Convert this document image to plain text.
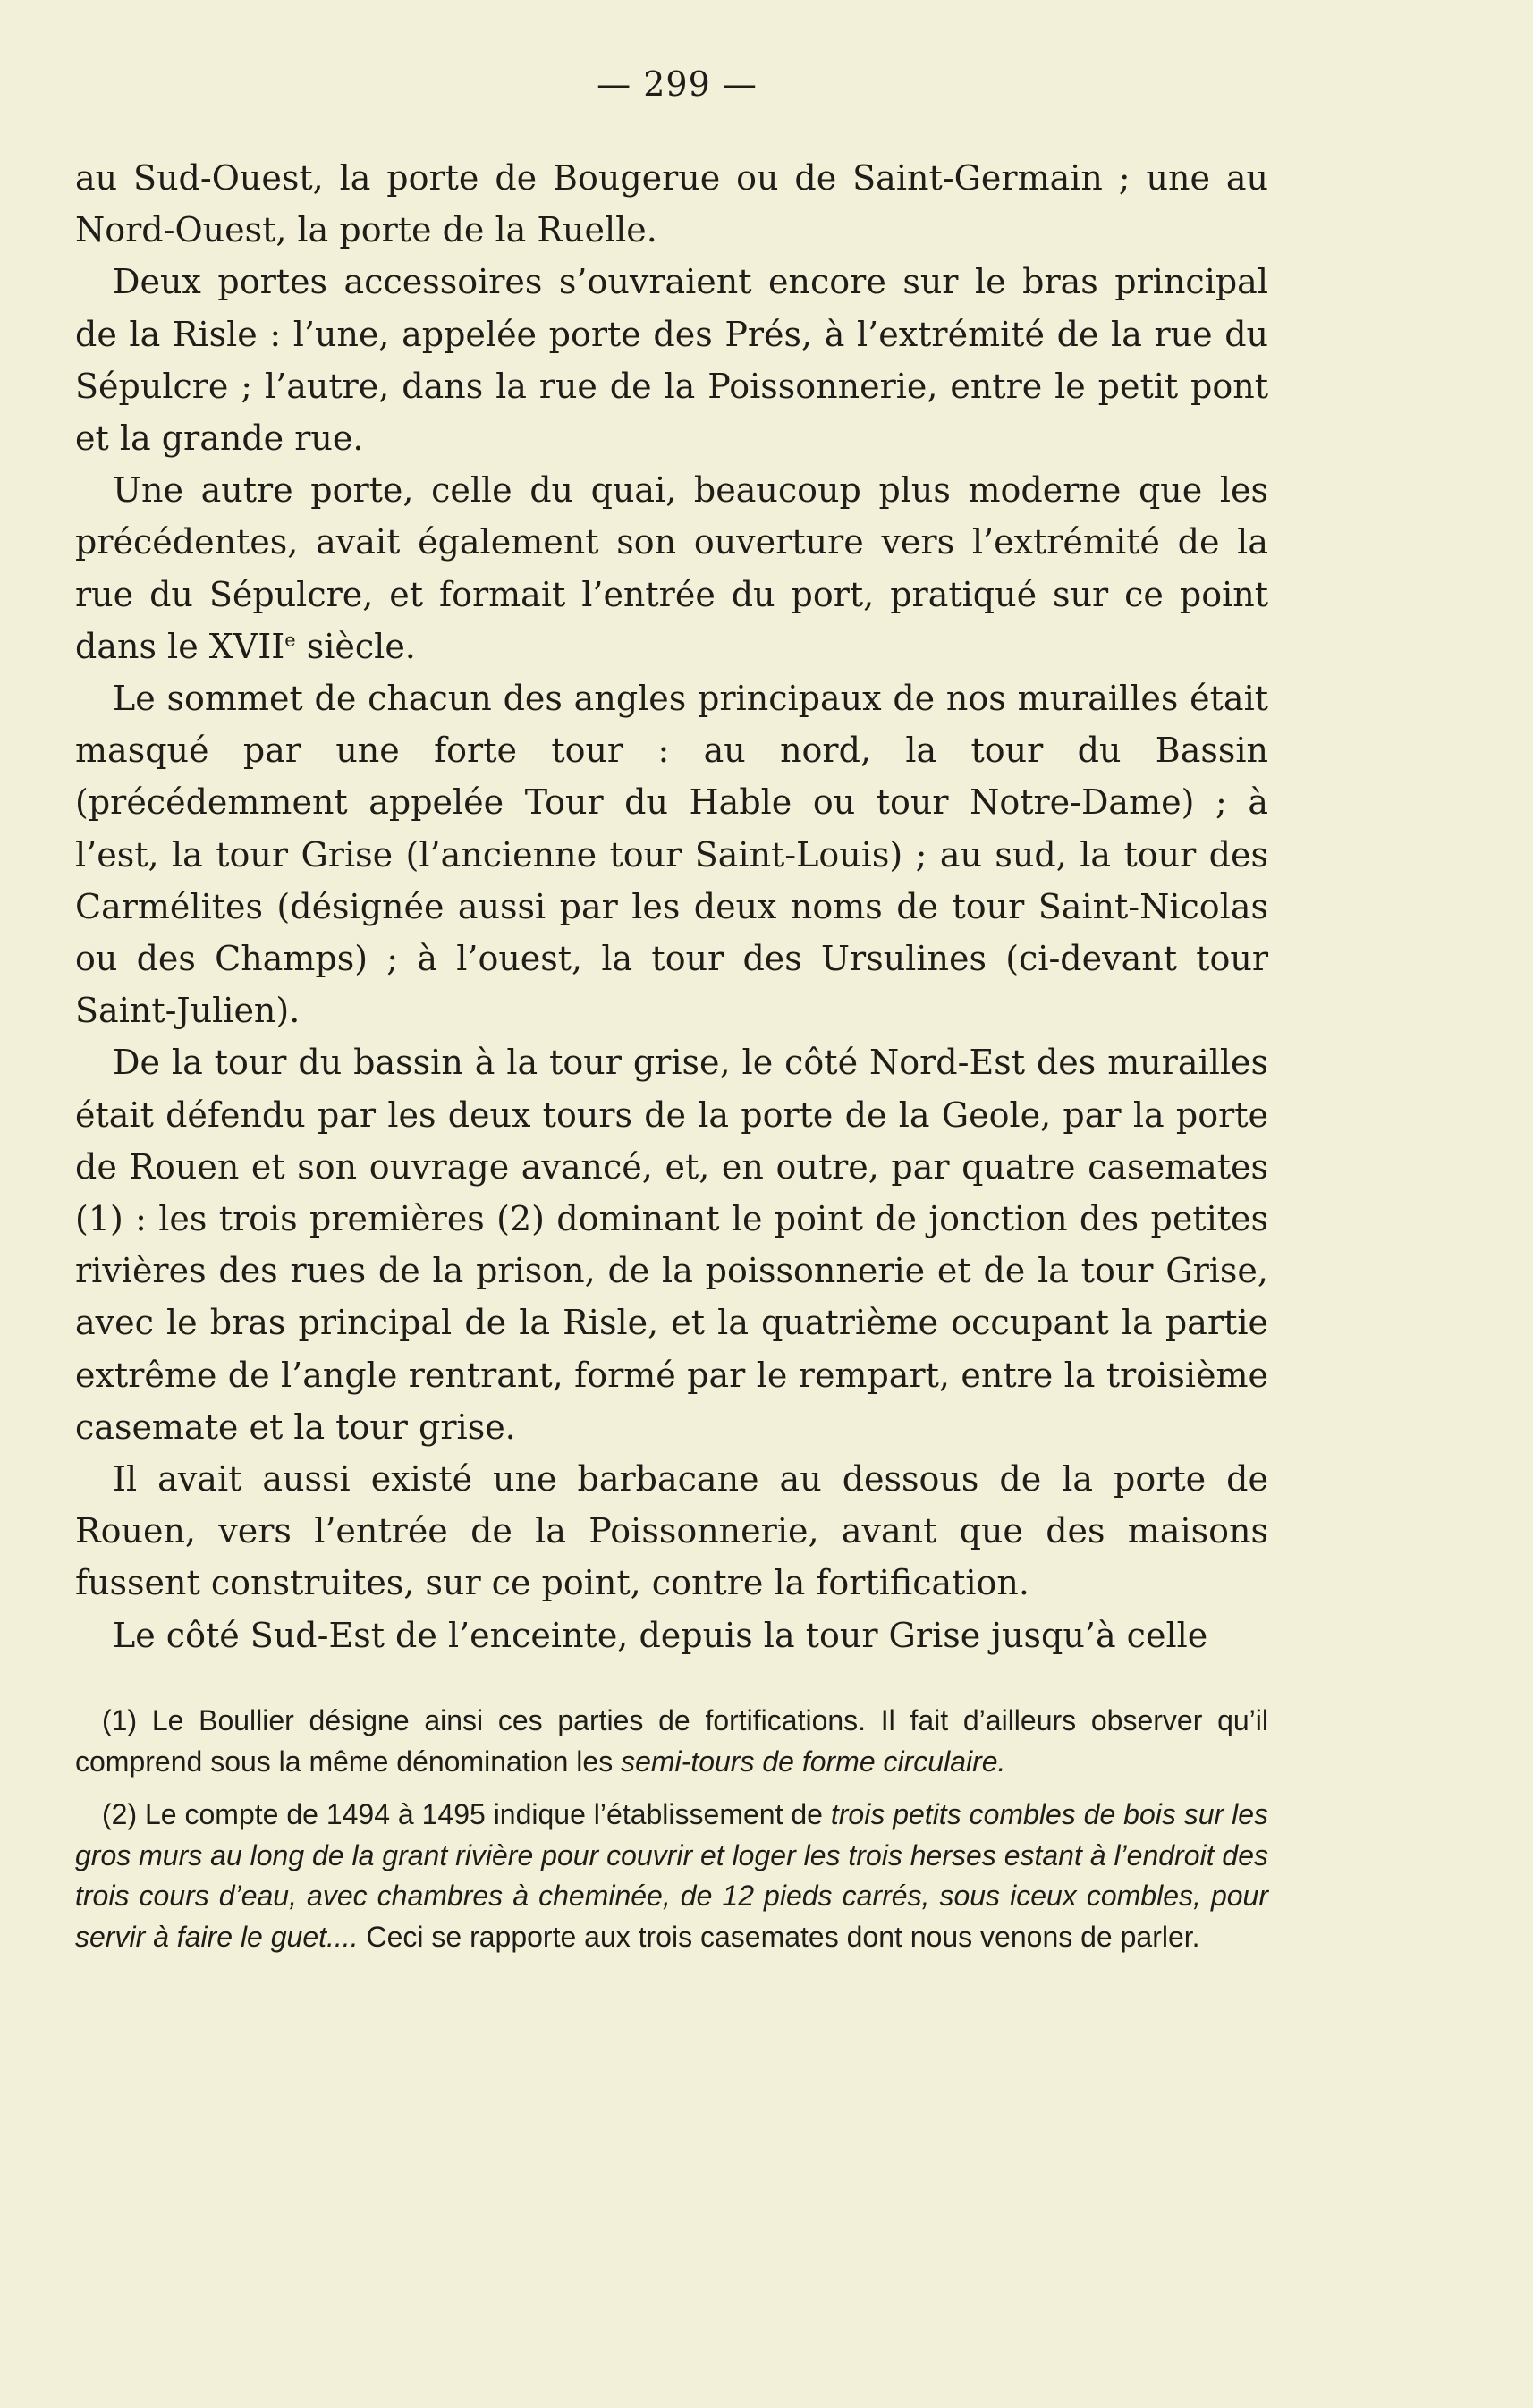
— 299 —

au Sud-Ouest, la porte de Bougerue ou de Saint-Germain ; une au Nord-Ouest, la porte de la Ruelle.

Deux portes accessoires s’ouvraient encore sur le bras principal de la Risle : l’une, appelée porte des Prés, à l’extrémité de la rue du Sépulcre ; l’autre, dans la rue de la Poissonnerie, entre le petit pont et la grande rue.

Une autre porte, celle du quai, beaucoup plus moderne que les précédentes, avait également son ouverture vers l’extrémité de la rue du Sépulcre, et formait l’entrée du port, pratiqué sur ce point dans le XVIIe siècle.

Le sommet de chacun des angles principaux de nos murailles était masqué par une forte tour : au nord, la tour du Bassin (précédemment appelée Tour du Hable ou tour Notre-Dame) ; à l’est, la tour Grise (l’ancienne tour Saint-Louis) ; au sud, la tour des Carmélites (désignée aussi par les deux noms de tour Saint-Nicolas ou des Champs) ; à l’ouest, la tour des Ursulines (ci-devant tour Saint-Julien).

De la tour du bassin à la tour grise, le côté Nord-Est des murailles était défendu par les deux tours de la porte de la Geole, par la porte de Rouen et son ouvrage avancé, et, en outre, par quatre casemates (1) : les trois premières (2) dominant le point de jonction des petites rivières des rues de la prison, de la poissonnerie et de la tour Grise, avec le bras principal de la Risle, et la quatrième occupant la partie extrême de l’angle rentrant, formé par le rempart, entre la troisième casemate et la tour grise.

Il avait aussi existé une barbacane au dessous de la porte de Rouen, vers l’entrée de la Poissonnerie, avant que des maisons fussent construites, sur ce point, contre la fortification.

Le côté Sud-Est de l’enceinte, depuis la tour Grise jusqu’à celle

(1) Le Boullier désigne ainsi ces parties de fortifications. Il fait d’ailleurs observer qu’il comprend sous la même dénomination les semi-tours de forme circulaire.

(2) Le compte de 1494 à 1495 indique l’établissement de trois petits combles de bois sur les gros murs au long de la grant rivière pour couvrir et loger les trois herses estant à l’endroit des trois cours d’eau, avec chambres à cheminée, de 12 pieds carrés, sous iceux combles, pour servir à faire le guet.... Ceci se rapporte aux trois casemates dont nous venons de parler.
